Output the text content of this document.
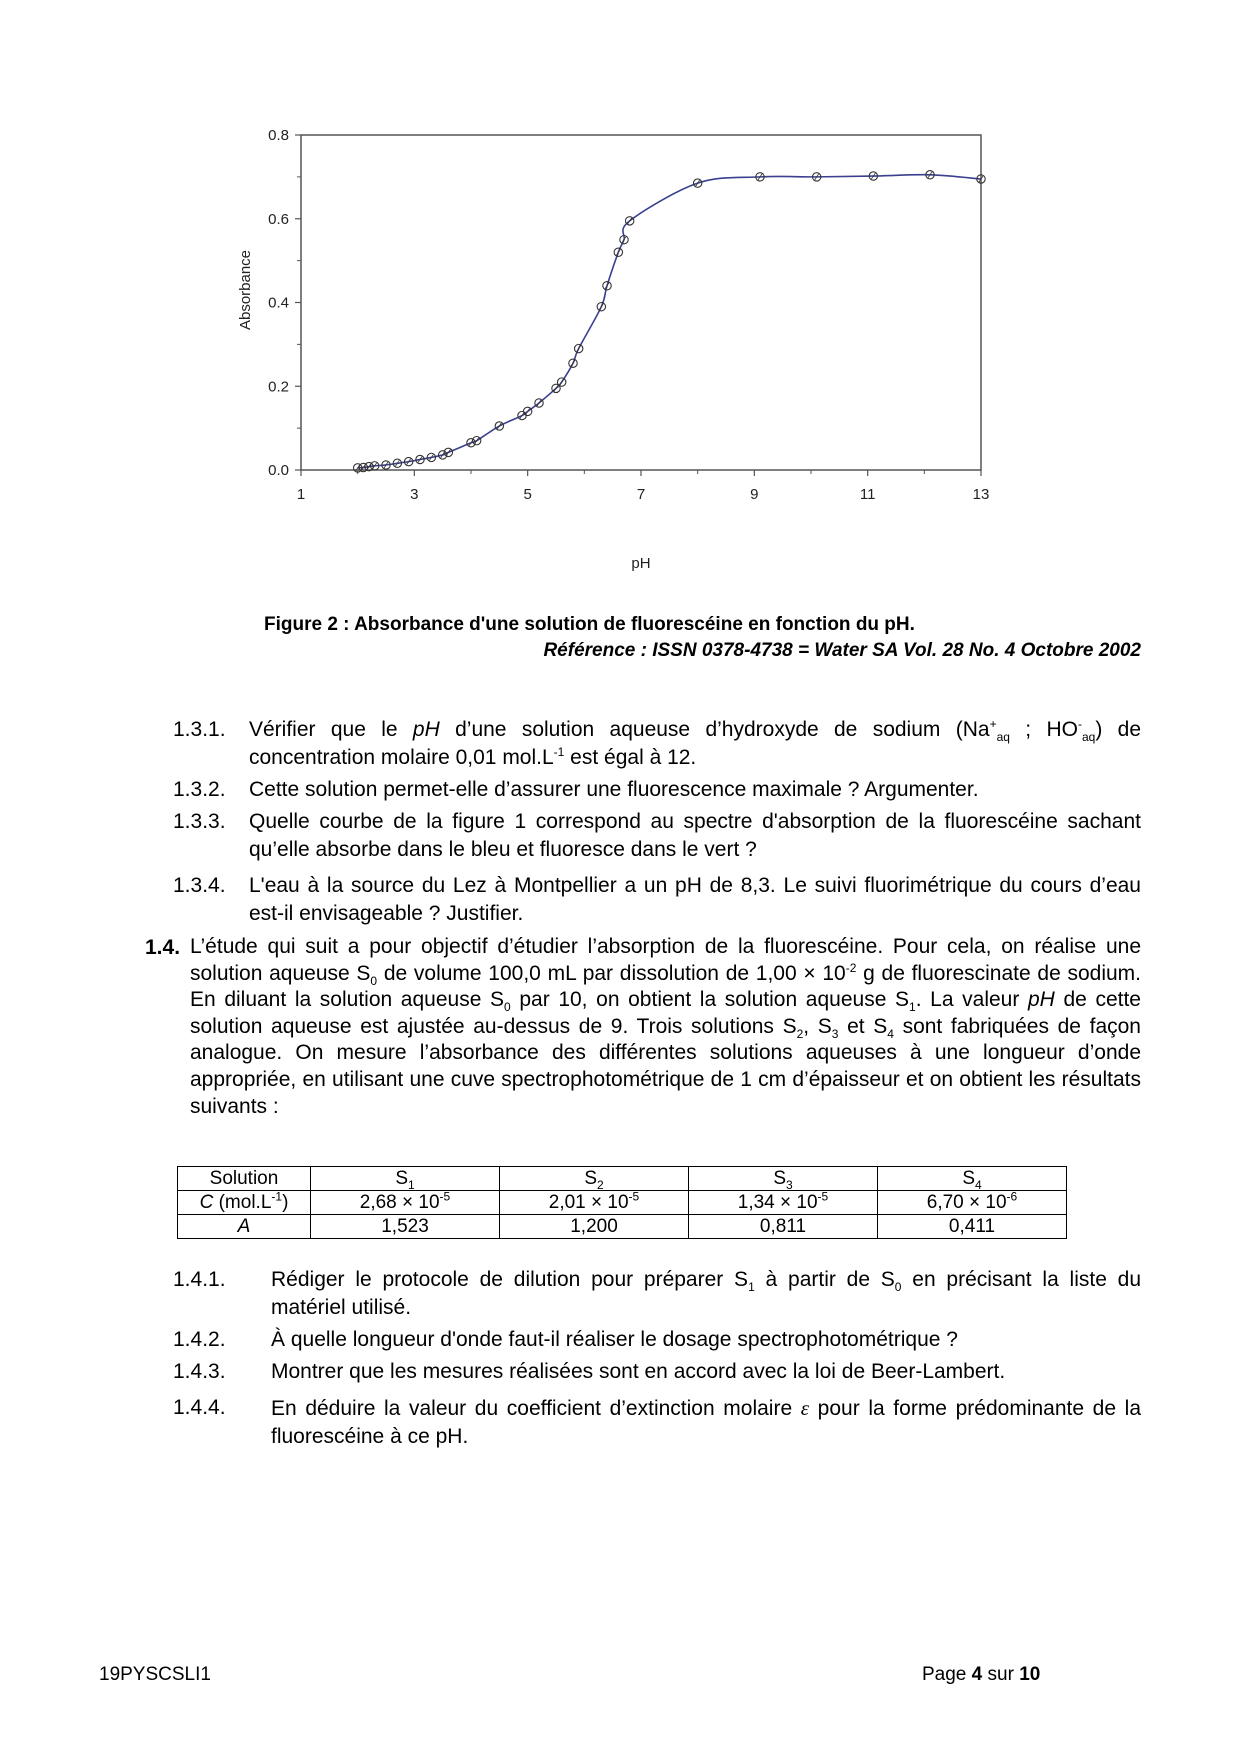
1	3	5	7	9	11	13
0.0
0.2
0.4
0.6
0.8
pH
Absorbance
Figure 2 : Absorbance d'une solution de fluorescéine en fonction du pH.
Référence : ISSN 0378-4738 = Water SA Vol. 28 No. 4 Octobre 2002
1.3.1. Vérifier que le pH d’une solution aqueuse d’hydroxyde de sodium ($Na^+_{aq}$ ; $HO^-_{aq}$) de concentration molaire 0,01 $mol.L^{-1}$ est égal à 12.
1.3.2. Cette solution permet-elle d’assurer une fluorescence maximale ? Argumenter.
1.3.3. Quelle courbe de la figure 1 correspond au spectre d'absorption de la fluorescéine sachant qu’elle absorbe dans le bleu et fluoresce dans le vert ?
1.3.4. L'eau à la source du Lez à Montpellier a un pH de 8,3. Le suivi fluorimétrique du cours d’eau est-il envisageable ? Justifier.
1.4. L’étude qui suit a pour objectif d’étudier l’absorption de la fluorescéine. Pour cela, on réalise une solution aqueuse $S_0$ de volume 100,0 mL par dissolution de $1,00 \times 10^{-2}$ g de fluorescinate de sodium. En diluant la solution aqueuse $S_0$ par 10, on obtient la solution aqueuse $S_1$. La valeur pH de cette solution aqueuse est ajustée au-dessus de 9. Trois solutions $S_2$, $S_3$ et $S_4$ sont fabriquées de façon analogue. On mesure l’absorbance des différentes solutions aqueuses à une longueur d’onde appropriée, en utilisant une cuve spectrophotométrique de 1 cm d’épaisseur et on obtient les résultats suivants :
Solution	$S_1$	$S_2$	$S_3$	$S_4$
C $(mol.L^{-1})$	$2,68 \times 10^{-5}$	$2,01 \times 10^{-5}$	$1,34 \times 10^{-5}$	$6,70 \times 10^{-6}$
A	1,523	1,200	0,811	0,411
1.4.1. Rédiger le protocole de dilution pour préparer $S_1$ à partir de $S_0$ en précisant la liste du matériel utilisé.
1.4.2. À quelle longueur d'onde faut-il réaliser le dosage spectrophotométrique ?
1.4.3. Montrer que les mesures réalisées sont en accord avec la loi de Beer-Lambert.
1.4.4. En déduire la valeur du coefficient d’extinction molaire ε pour la forme prédominante de la fluorescéine à ce pH.
19PYSCSLI1	Page 4 sur 10
